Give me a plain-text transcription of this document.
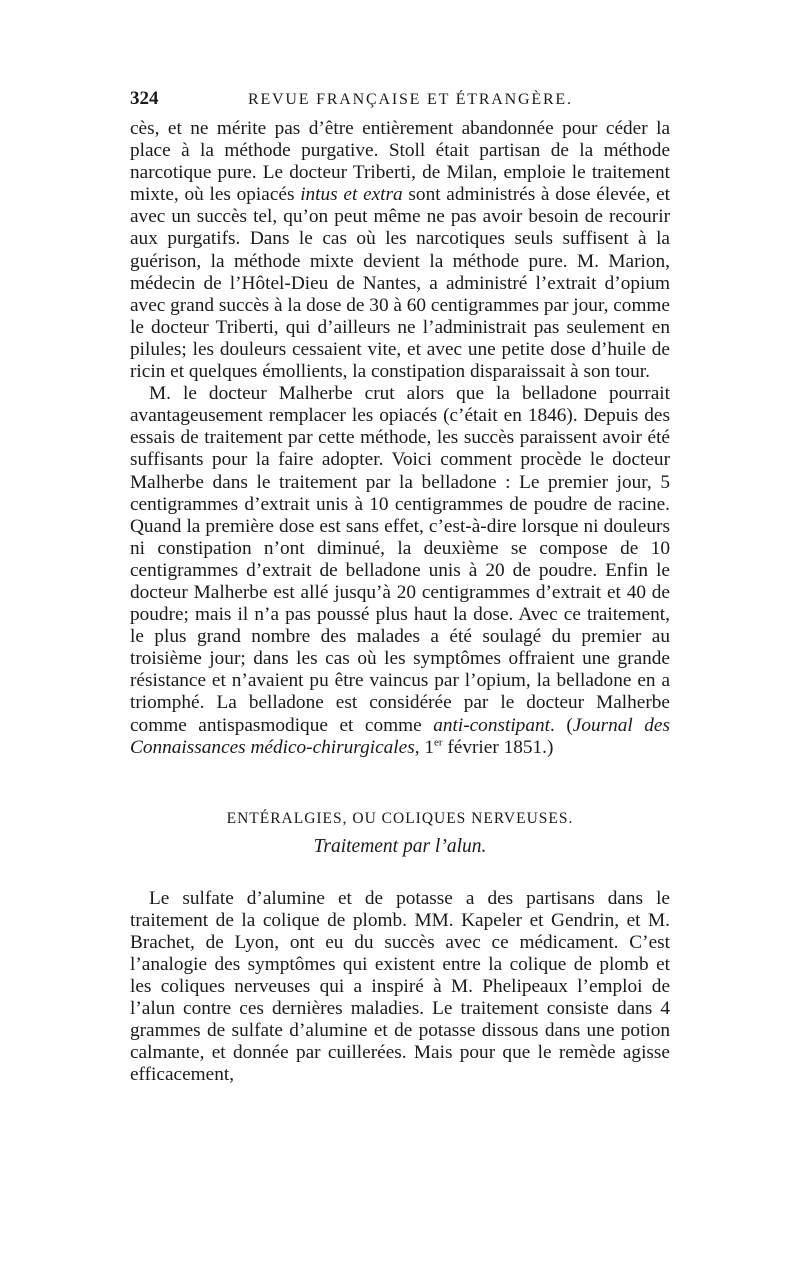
324	REVUE FRANÇAISE ET ÉTRANGÈRE.

cès, et ne mérite pas d’être entièrement abandonnée pour céder la place à la méthode purgative. Stoll était partisan de la méthode narcotique pure. Le docteur Triberti, de Milan, emploie le traitement mixte, où les opiacés intus et extra sont administrés à dose élevée, et avec un succès tel, qu’on peut même ne pas avoir besoin de recourir aux purgatifs. Dans le cas où les narcotiques seuls suffisent à la guérison, la méthode mixte devient la méthode pure. M. Marion, médecin de l’Hôtel-Dieu de Nantes, a administré l’extrait d’opium avec grand succès à la dose de 30 à 60 centigrammes par jour, comme le docteur Triberti, qui d’ailleurs ne l’administrait pas seulement en pilules; les douleurs cessaient vite, et avec une petite dose d’huile de ricin et quelques émollients, la constipation disparaissait à son tour.

M. le docteur Malherbe crut alors que la belladone pourrait avantageusement remplacer les opiacés (c’était en 1846). Depuis des essais de traitement par cette méthode, les succès paraissent avoir été suffisants pour la faire adopter. Voici comment procède le docteur Malherbe dans le traitement par la belladone : Le premier jour, 5 centigrammes d’extrait unis à 10 centigrammes de poudre de racine. Quand la première dose est sans effet, c’est-à-dire lorsque ni douleurs ni constipation n’ont diminué, la deuxième se compose de 10 centigrammes d’extrait de belladone unis à 20 de poudre. Enfin le docteur Malherbe est allé jusqu’à 20 centigrammes d’extrait et 40 de poudre; mais il n’a pas poussé plus haut la dose. Avec ce traitement, le plus grand nombre des malades a été soulagé du premier au troisième jour; dans les cas où les symptômes offraient une grande résistance et n’avaient pu être vaincus par l’opium, la belladone en a triomphé. La belladone est considérée par le docteur Malherbe comme antispasmodique et comme anti-constipant. (Journal des Connaissances médico-chirurgicales, 1er février 1851.)

ENTÉRALGIES, OU COLIQUES NERVEUSES.
Traitement par l’alun.

Le sulfate d’alumine et de potasse a des partisans dans le traitement de la colique de plomb. MM. Kapeler et Gendrin, et M. Brachet, de Lyon, ont eu du succès avec ce médicament. C’est l’analogie des symptômes qui existent entre la colique de plomb et les coliques nerveuses qui a inspiré à M. Phelipeaux l’emploi de l’alun contre ces dernières maladies. Le traitement consiste dans 4 grammes de sulfate d’alumine et de potasse dissous dans une potion calmante, et donnée par cuillerées. Mais pour que le remède agisse efficacement,
